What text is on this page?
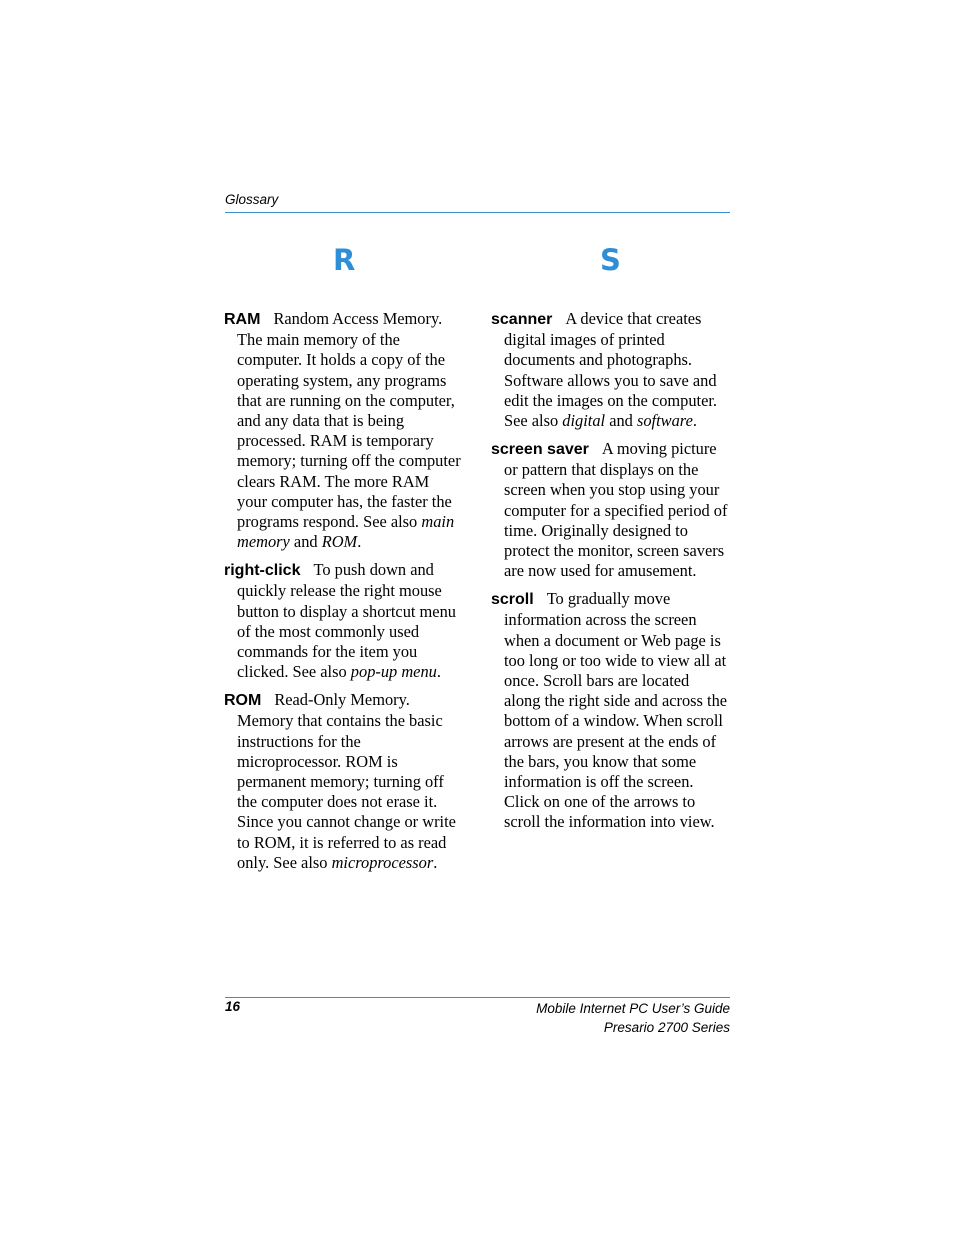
Glossary
R	S

RAM Random Access Memory. The main memory of the computer. It holds a copy of the operating system, any programs that are running on the computer, and any data that is being processed. RAM is temporary memory; turning off the computer clears RAM. The more RAM your computer has, the faster the programs respond. See also main memory and ROM.

right-click To push down and quickly release the right mouse button to display a shortcut menu of the most commonly used commands for the item you clicked. See also pop-up menu.

ROM Read-Only Memory. Memory that contains the basic instructions for the microprocessor. ROM is permanent memory; turning off the computer does not erase it. Since you cannot change or write to ROM, it is referred to as read only. See also microprocessor.

scanner A device that creates digital images of printed documents and photographs. Software allows you to save and edit the images on the computer. See also digital and software.

screen saver A moving picture or pattern that displays on the screen when you stop using your computer for a specified period of time. Originally designed to protect the monitor, screen savers are now used for amusement.

scroll To gradually move information across the screen when a document or Web page is too long or too wide to view all at once. Scroll bars are located along the right side and across the bottom of a window. When scroll arrows are present at the ends of the bars, you know that some information is off the screen. Click on one of the arrows to scroll the information into view.

16	Mobile Internet PC User’s Guide
Presario 2700 Series
